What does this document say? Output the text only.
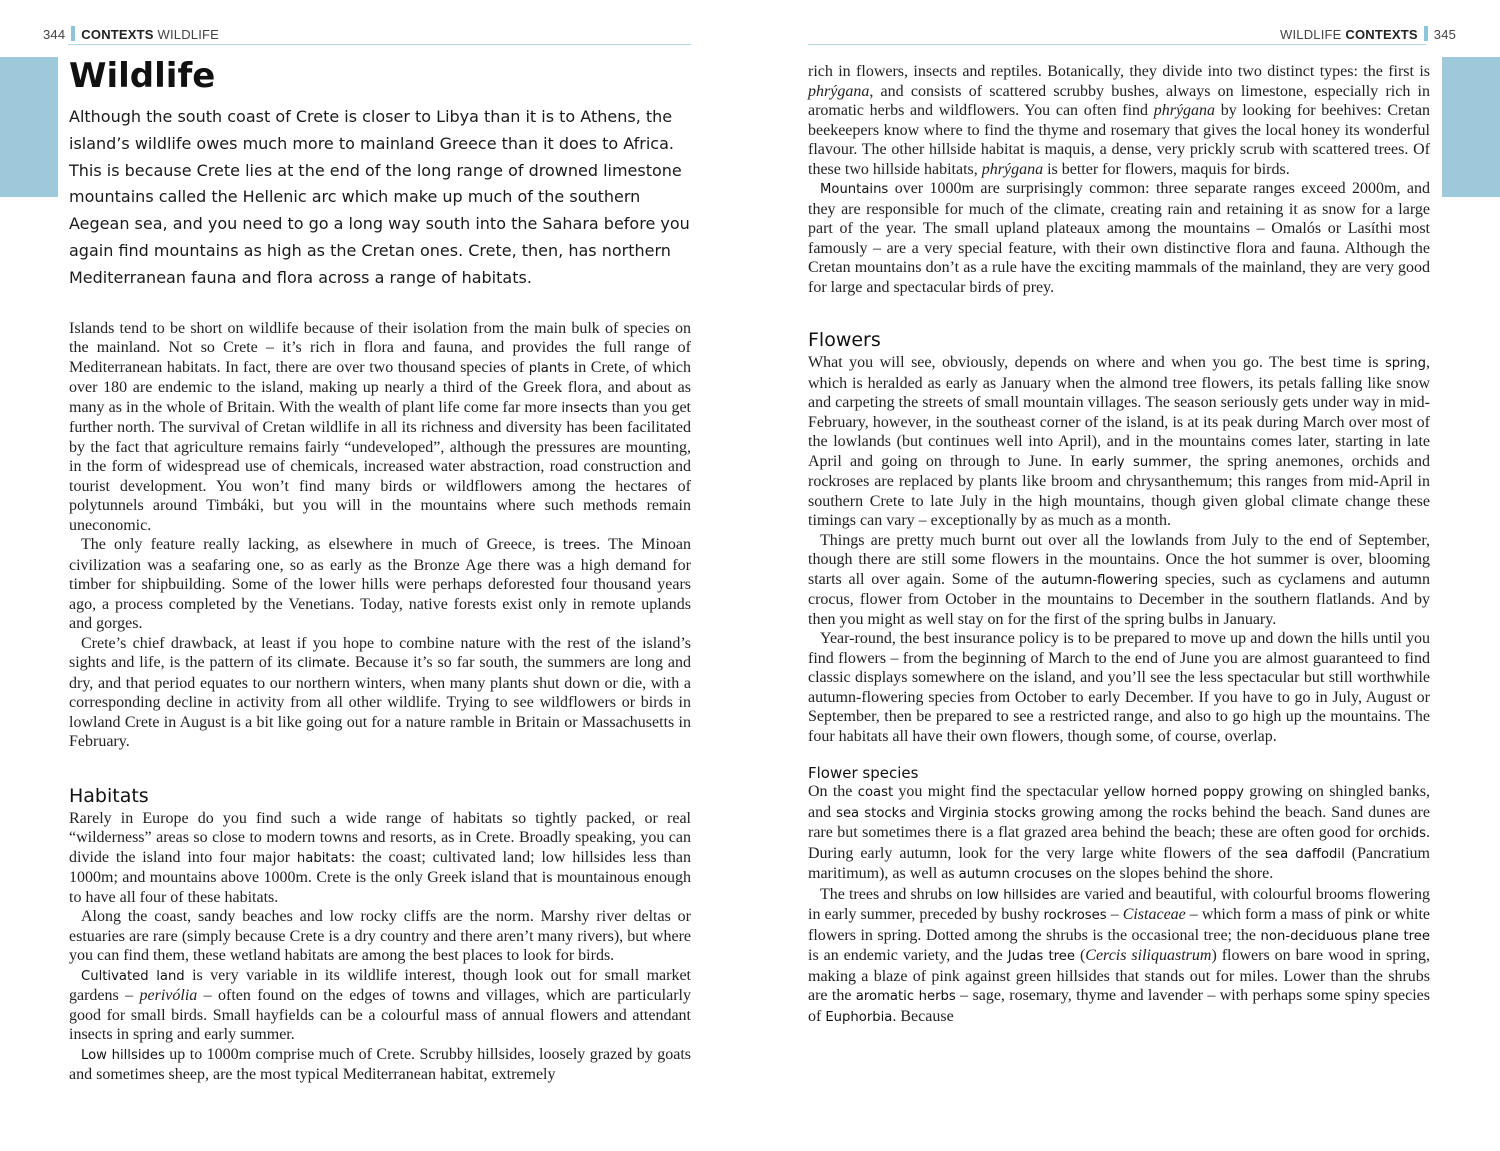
344 CONTEXTS WILDLIFE
Wildlife

Although the south coast of Crete is closer to Libya than it is to Athens, the island’s wildlife owes much more to mainland Greece than it does to Africa. This is because Crete lies at the end of the long range of drowned limestone mountains called the Hellenic arc which make up much of the southern Aegean sea, and you need to go a long way south into the Sahara before you again find mountains as high as the Cretan ones. Crete, then, has northern Mediterranean fauna and flora across a range of habitats.

Islands tend to be short on wildlife because of their isolation from the main bulk of species on the mainland. Not so Crete – it’s rich in flora and fauna, and provides the full range of Mediterranean habitats. In fact, there are over two thousand species of plants in Crete, of which over 180 are endemic to the island, making up nearly a third of the Greek flora, and about as many as in the whole of Britain. With the wealth of plant life come far more insects than you get further north. The survival of Cretan wildlife in all its richness and diversity has been facilitated by the fact that agriculture remains fairly “undeveloped”, although the pressures are mounting, in the form of widespread use of chemicals, increased water abstraction, road construction and tourist development. You won’t find many birds or wildflowers among the hectares of polytunnels around Timbáki, but you will in the mountains where such methods remain uneconomic.

The only feature really lacking, as elsewhere in much of Greece, is trees. The Minoan civilization was a seafaring one, so as early as the Bronze Age there was a high demand for timber for shipbuilding. Some of the lower hills were perhaps deforested four thousand years ago, a process completed by the Venetians. Today, native forests exist only in remote uplands and gorges.

Crete’s chief drawback, at least if you hope to combine nature with the rest of the island’s sights and life, is the pattern of its climate. Because it’s so far south, the summers are long and dry, and that period equates to our northern winters, when many plants shut down or die, with a corresponding decline in activity from all other wildlife. Trying to see wildflowers or birds in lowland Crete in August is a bit like going out for a nature ramble in Britain or Massachusetts in February.

Habitats

Rarely in Europe do you find such a wide range of habitats so tightly packed, or real “wilderness” areas so close to modern towns and resorts, as in Crete. Broadly speaking, you can divide the island into four major habitats: the coast; cultivated land; low hillsides less than 1000m; and mountains above 1000m. Crete is the only Greek island that is mountainous enough to have all four of these habitats.

Along the coast, sandy beaches and low rocky cliffs are the norm. Marshy river deltas or estuaries are rare (simply because Crete is a dry country and there aren’t many rivers), but where you can find them, these wetland habitats are among the best places to look for birds.

Cultivated land is very variable in its wildlife interest, though look out for small market gardens – perivólia – often found on the edges of towns and villages, which are particularly good for small birds. Small hayfields can be a colourful mass of annual flowers and attendant insects in spring and early summer.

Low hillsides up to 1000m comprise much of Crete. Scrubby hillsides, loosely grazed by goats and sometimes sheep, are the most typical Mediterranean habitat, extremely

WILDLIFE CONTEXTS 345

rich in flowers, insects and reptiles. Botanically, they divide into two distinct types: the first is phrýgana, and consists of scattered scrubby bushes, always on limestone, especially rich in aromatic herbs and wildflowers. You can often find phrýgana by looking for beehives: Cretan beekeepers know where to find the thyme and rosemary that gives the local honey its wonderful flavour. The other hillside habitat is maquis, a dense, very prickly scrub with scattered trees. Of these two hillside habitats, phrýgana is better for flowers, maquis for birds.

Mountains over 1000m are surprisingly common: three separate ranges exceed 2000m, and they are responsible for much of the climate, creating rain and retaining it as snow for a large part of the year. The small upland plateaux among the mountains – Omalós or Lasíthi most famously – are a very special feature, with their own distinctive flora and fauna. Although the Cretan mountains don’t as a rule have the exciting mammals of the mainland, they are very good for large and spectacular birds of prey.

Flowers

What you will see, obviously, depends on where and when you go. The best time is spring, which is heralded as early as January when the almond tree flowers, its petals falling like snow and carpeting the streets of small mountain villages. The season seriously gets under way in mid-February, however, in the southeast corner of the island, is at its peak during March over most of the lowlands (but continues well into April), and in the mountains comes later, starting in late April and going on through to June. In early summer, the spring anemones, orchids and rockroses are replaced by plants like broom and chrysanthemum; this ranges from mid-April in southern Crete to late July in the high mountains, though given global climate change these timings can vary – exceptionally by as much as a month.

Things are pretty much burnt out over all the lowlands from July to the end of September, though there are still some flowers in the mountains. Once the hot summer is over, blooming starts all over again. Some of the autumn-flowering species, such as cyclamens and autumn crocus, flower from October in the mountains to December in the southern flatlands. And by then you might as well stay on for the first of the spring bulbs in January.

Year-round, the best insurance policy is to be prepared to move up and down the hills until you find flowers – from the beginning of March to the end of June you are almost guaranteed to find classic displays somewhere on the island, and you’ll see the less spectacular but still worthwhile autumn-flowering species from October to early December. If you have to go in July, August or September, then be prepared to see a restricted range, and also to go high up the mountains. The four habitats all have their own flowers, though some, of course, overlap.

Flower species

On the coast you might find the spectacular yellow horned poppy growing on shingled banks, and sea stocks and Virginia stocks growing among the rocks behind the beach. Sand dunes are rare but sometimes there is a flat grazed area behind the beach; these are often good for orchids. During early autumn, look for the very large white flowers of the sea daffodil (Pancratium maritimum), as well as autumn crocuses on the slopes behind the shore.

The trees and shrubs on low hillsides are varied and beautiful, with colourful brooms flowering in early summer, preceded by bushy rockroses – Cistaceae – which form a mass of pink or white flowers in spring. Dotted among the shrubs is the occasional tree; the non-deciduous plane tree is an endemic variety, and the Judas tree (Cercis siliquastrum) flowers on bare wood in spring, making a blaze of pink against green hillsides that stands out for miles. Lower than the shrubs are the aromatic herbs – sage, rosemary, thyme and lavender – with perhaps some spiny species of Euphorbia. Because
